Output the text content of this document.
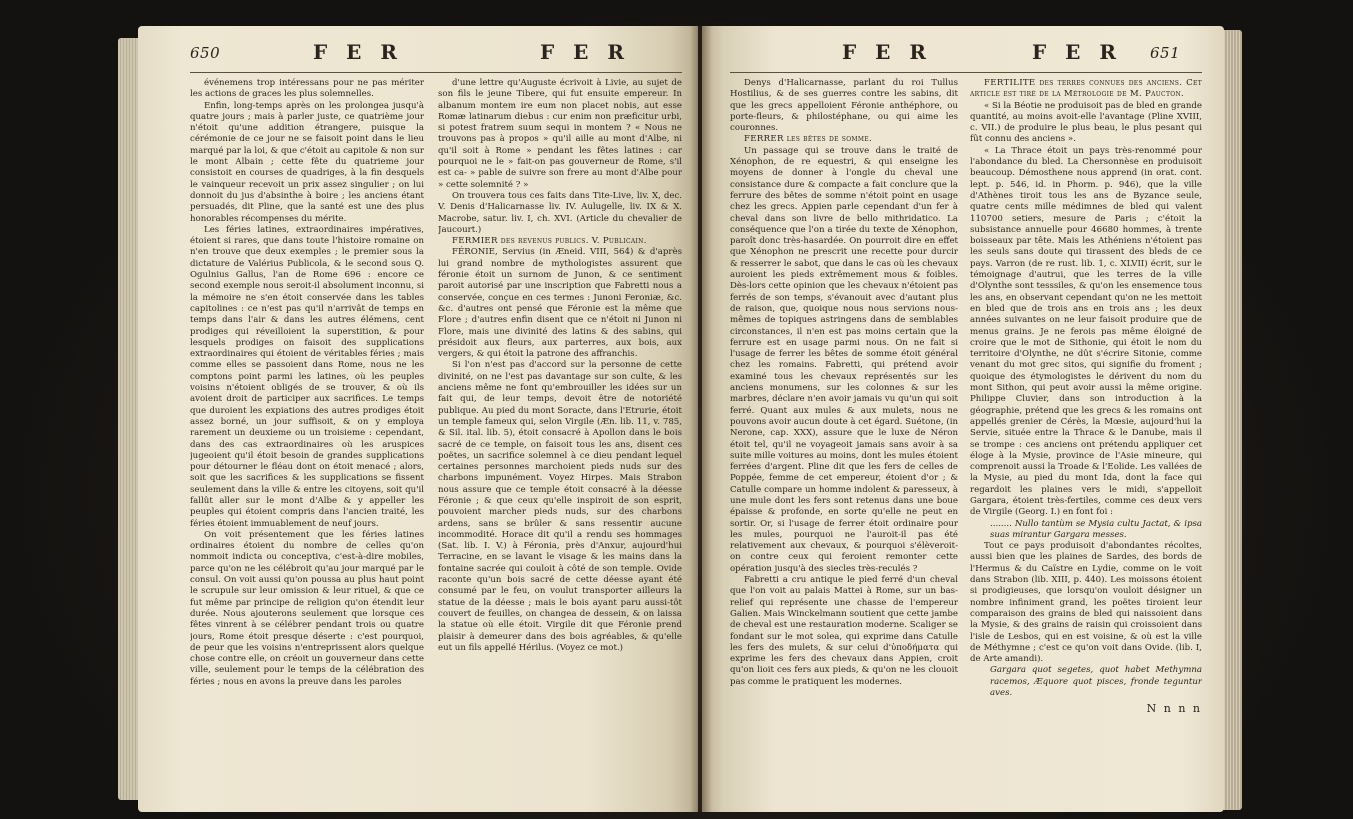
650	F E R	F E R

événemens trop intéressans pour ne pas mériter les actions de graces les plus solemnelles.

Enfin, long-temps après on les prolongea jusqu'à quatre jours ; mais à parler juste, ce quatrième jour n'étoit qu'une addition étrangere, puisque la cérémonie de ce jour ne se faisoit point dans le lieu marqué par la loi, & que c'étoit au capitole & non sur le mont Albain ; cette fête du quatrieme jour consistoit en courses de quadriges, à la fin desquels le vainqueur recevoit un prix assez singulier ; on lui donnoit du jus d'absinthe à boire ; les anciens étant persuadés, dit Pline, que la santé est une des plus honorables récompenses du mérite.

Les féries latines, extraordinaires impératives, étoient si rares, que dans toute l'histoire romaine on n'en trouve que deux exemples ; le premier sous la dictature de Valérius Publicola, & le second sous Q. Ogulnius Gallus, l'an de Rome 696 : encore ce second exemple nous seroit-il absolument inconnu, si la mémoire ne s'en étoit conservée dans les tables capitolines : ce n'est pas qu'il n'arrivât de temps en temps dans l'air & dans les autres élémens, cent prodiges qui réveilloient la superstition, & pour lesquels prodiges on faisoit des supplications extraordinaires qui étoient de véritables féries ; mais comme elles se passoient dans Rome, nous ne les comptons point parmi les latines, où les peuples voisins n'étoient obligés de se trouver, & où ils avoient droit de participer aux sacrifices. Le temps que duroient les expiations des autres prodiges étoit assez borné, un jour suffisoit, & on y employa rarement un deuxieme ou un troisieme : cependant, dans des cas extraordinaires où les aruspices jugeoient qu'il étoit besoin de grandes supplications pour détourner le fléau dont on étoit menacé ; alors, soit que les sacrifices & les supplications se fissent seulement dans la ville & entre les citoyens, soit qu'il fallût aller sur le mont d'Albe & y appeller les peuples qui étoient compris dans l'ancien traité, les féries étoient immuablement de neuf jours.

On voit présentement que les féries latines ordinaires étoient du nombre de celles qu'on nommoit indicta ou conceptiva, c'est-à-dire mobiles, parce qu'on ne les célébroit qu'au jour marqué par le consul. On voit aussi qu'on poussa au plus haut point le scrupule sur leur omission & leur rituel, & que ce fut même par principe de religion qu'on étendit leur durée. Nous ajouterons seulement que lorsque ces fêtes vinrent à se célébrer pendant trois ou quatre jours, Rome étoit presque déserte : c'est pourquoi, de peur que les voisins n'entreprissent alors quelque chose contre elle, on créoit un gouverneur dans cette ville, seulement pour le temps de la célébration des féries ; nous en avons la preuve dans les paroles

d'une lettre qu'Auguste écrivoit à Livie, au sujet de son fils le jeune Tibere, qui fut ensuite empereur. In albanum montem ire eum non placet nobis, aut esse Romæ latinarum diebus : cur enim non præficitur urbi, si potest fratrem suum sequi in montem ? « Nous ne trouvons pas à propos » qu'il aille au mont d'Albe, ni qu'il soit à Rome » pendant les fêtes latines : car pourquoi ne le » fait-on pas gouverneur de Rome, s'il est ca- » pable de suivre son frere au mont d'Albe pour » cette solemnité ? »

On trouvera tous ces faits dans Tite-Live, liv. X, dec. V. Denis d'Halicarnasse liv. IV. Aulugelle, liv. IX & X. Macrobe, satur. liv. I, ch. XVI. (Article du chevalier de Jaucourt.)

FERMIER des revenus publics. V. Publicain.

FÉRONIE, Servius (in Æneid. VIII, 564) & d'après lui grand nombre de mythologistes assurent que féronie étoit un surnom de Junon, & ce sentiment paroit autorisé par une inscription que Fabretti nous a conservée, conçue en ces termes : Junoni Feroniæ, &c. &c. d'autres ont pensé que Féronie est la même que Flore ; d'autres enfin disent que ce n'étoit ni Junon ni Flore, mais une divinité des latins & des sabins, qui présidoit aux fleurs, aux parterres, aux bois, aux vergers, & qui étoit la patrone des affranchis.

Si l'on n'est pas d'accord sur la personne de cette divinité, on ne l'est pas davantage sur son culte, & les anciens même ne font qu'embrouiller les idées sur un fait qui, de leur temps, devoit être de notoriété publique. Au pied du mont Soracte, dans l'Etrurie, étoit un temple fameux qui, selon Virgile (Æn. lib. 11, v. 785, & Sil. ital. lib. 5), étoit consacré à Apollon dans le bois sacré de ce temple, on faisoit tous les ans, disent ces poëtes, un sacrifice solemnel à ce dieu pendant lequel certaines personnes marchoient pieds nuds sur des charbons impunément. Voyez Hirpes. Mais Strabon nous assure que ce temple étoit consacré à la déesse Féronie ; & que ceux qu'elle inspiroit de son esprit, pouvoient marcher pieds nuds, sur des charbons ardens, sans se brûler & sans ressentir aucune incommodité. Horace dit qu'il a rendu ses hommages (Sat. lib. I. V.) à Féronia, près d'Anxur, aujourd'hui Terracine, en se lavant le visage & les mains dans la fontaine sacrée qui couloit à côté de son temple. Ovide raconte qu'un bois sacré de cette déesse ayant été consumé par le feu, on voulut transporter ailleurs la statue de la déesse ; mais le bois ayant paru aussi-tôt couvert de feuilles, on changea de dessein, & on laissa la statue où elle étoit. Virgile dit que Féronie prend plaisir à demeurer dans des bois agréables, & qu'elle eut un fils appellé Hérilus. (Voyez ce mot.)

F E R	F E R 651

Denys d'Halicarnasse, parlant du roi Tullus Hostilius, & de ses guerres contre les sabins, dit que les grecs appelloient Féronie anthéphore, ou porte-fleurs, & philostéphane, ou qui aime les couronnes.

FERRER les bêtes de somme.

Un passage qui se trouve dans le traité de Xénophon, de re equestri, & qui enseigne les moyens de donner à l'ongle du cheval une consistance dure & compacte a fait conclure que la ferrure des bêtes de somme n'étoit point en usage chez les grecs. Appien parle cependant d'un fer à cheval dans son livre de bello mithridatico. La conséquence que l'on a tirée du texte de Xénophon, paroît donc très-hasardée. On pourroit dire en effet que Xénophon ne prescrit une recette pour durcir & resserrer le sabot, que dans le cas où les chevaux auroient les pieds extrêmement mous & foibles. Dès-lors cette opinion que les chevaux n'étoient pas ferrés de son temps, s'évanouit avec d'autant plus de raison, que, quoique nous nous servions nous-mêmes de topiques astringens dans de semblables circonstances, il n'en est pas moins certain que la ferrure est en usage parmi nous. On ne fait si l'usage de ferrer les bêtes de somme étoit général chez les romains. Fabretti, qui prétend avoir examiné tous les chevaux représentés sur les anciens monumens, sur les colonnes & sur les marbres, déclare n'en avoir jamais vu qu'un qui soit ferré. Quant aux mules & aux mulets, nous ne pouvons avoir aucun doute à cet égard. Suétone, (in Nerone, cap. XXX), assure que le luxe de Néron étoit tel, qu'il ne voyageoit jamais sans avoir à sa suite mille voitures au moins, dont les mules étoient ferrées d'argent. Pline dit que les fers de celles de Poppée, femme de cet empereur, étoient d'or ; & Catulle compare un homme indolent & paresseux, à une mule dont les fers sont retenus dans une boue épaisse & profonde, en sorte qu'elle ne peut en sortir. Or, si l'usage de ferrer étoit ordinaire pour les mules, pourquoi ne l'auroit-il pas été relativement aux chevaux, & pourquoi s'élèveroit-on contre ceux qui feroient remonter cette opération jusqu'à des siecles très-reculés ?

Fabretti a cru antique le pied ferré d'un cheval que l'on voit au palais Mattei à Rome, sur un bas-relief qui représente une chasse de l'empereur Galien. Mais Winckelmann soutient que cette jambe de cheval est une restauration moderne. Scaliger se fondant sur le mot solea, qui exprime dans Catulle les fers des mulets, & sur celui d'ὑποδήματα qui exprime les fers des chevaux dans Appien, croit qu'on lioit ces fers aux pieds, & qu'on ne les clouoit pas comme le pratiquent les modernes.

FERTILITÉ des terres connues des anciens. Cet article est tiré de la Métrologie de M. Paucton.

« Si la Béotie ne produisoit pas de bled en grande quantité, au moins avoit-elle l'avantage (Pline XVIII, c. VII.) de produire le plus beau, le plus pesant qui fût connu des anciens ».

« La Thrace étoit un pays très-renommé pour l'abondance du bled. La Chersonnèse en produisoit beaucoup. Démosthene nous apprend (in orat. cont. lept. p. 546, id. in Phorm. p. 946), que la ville d'Athènes tiroit tous les ans de Byzance seule, quatre cents mille médimnes de bled qui valent 110700 setiers, mesure de Paris ; c'étoit la subsistance annuelle pour 46680 hommes, à trente boisseaux par tête. Mais les Athéniens n'étoient pas les seuls sans doute qui tirassent des bleds de ce pays. Varron (de re rust. lib. 1, c. XLVII) écrit, sur le témoignage d'autrui, que les terres de la ville d'Olynthe sont tesssiles, & qu'on les ensemence tous les ans, en observant cependant qu'on ne les mettoit en bled que de trois ans en trois ans ; les deux années suivantes on ne leur faisoit produire que de menus grains. Je ne ferois pas même éloigné de croire que le mot de Sithonie, qui étoit le nom du territoire d'Olynthe, ne dût s'écrire Sitonie, comme venant du mot grec sitos, qui signifie du froment ; quoique des étymologistes le dérivent du nom du mont Sithon, qui peut avoir aussi la même origine. Philippe Cluvier, dans son introduction à la géographie, prétend que les grecs & les romains ont appellés grenier de Cérès, la Mœsie, aujourd'hui la Servie, située entre la Thrace & le Danube, mais il se trompe : ces anciens ont prétendu appliquer cet éloge à la Mysie, province de l'Asie mineure, qui comprenoit aussi la Troade & l'Eolide. Les vallées de la Mysie, au pied du mont Ida, dont la face qui regardoit les plaines vers le midi, s'appelloit Gargara, étoient très-fertiles, comme ces deux vers de Virgile (Georg. I.) en font foi :

........ Nullo tantùm se Mysia cultu Jactat, & ipsa suas mirantur Gargara messes.

Tout ce pays produisoit d'abondantes récoltes, aussi bien que les plaines de Sardes, des bords de l'Hermus & du Caïstre en Lydie, comme on le voit dans Strabon (lib. XIII, p. 440). Les moissons étoient si prodigieuses, que lorsqu'on vouloit désigner un nombre infiniment grand, les poëtes tiroient leur comparaison des grains de bled qui naissoient dans la Mysie, & des grains de raisin qui croissoient dans l'isle de Lesbos, qui en est voisine, & où est la ville de Méthymne ; c'est ce qu'on voit dans Ovide. (lib. I, de Arte amandi).

Gargara quot segetes, quot habet Methymna racemos, Æquore quot pisces, fronde teguntur aves.

N n n n
